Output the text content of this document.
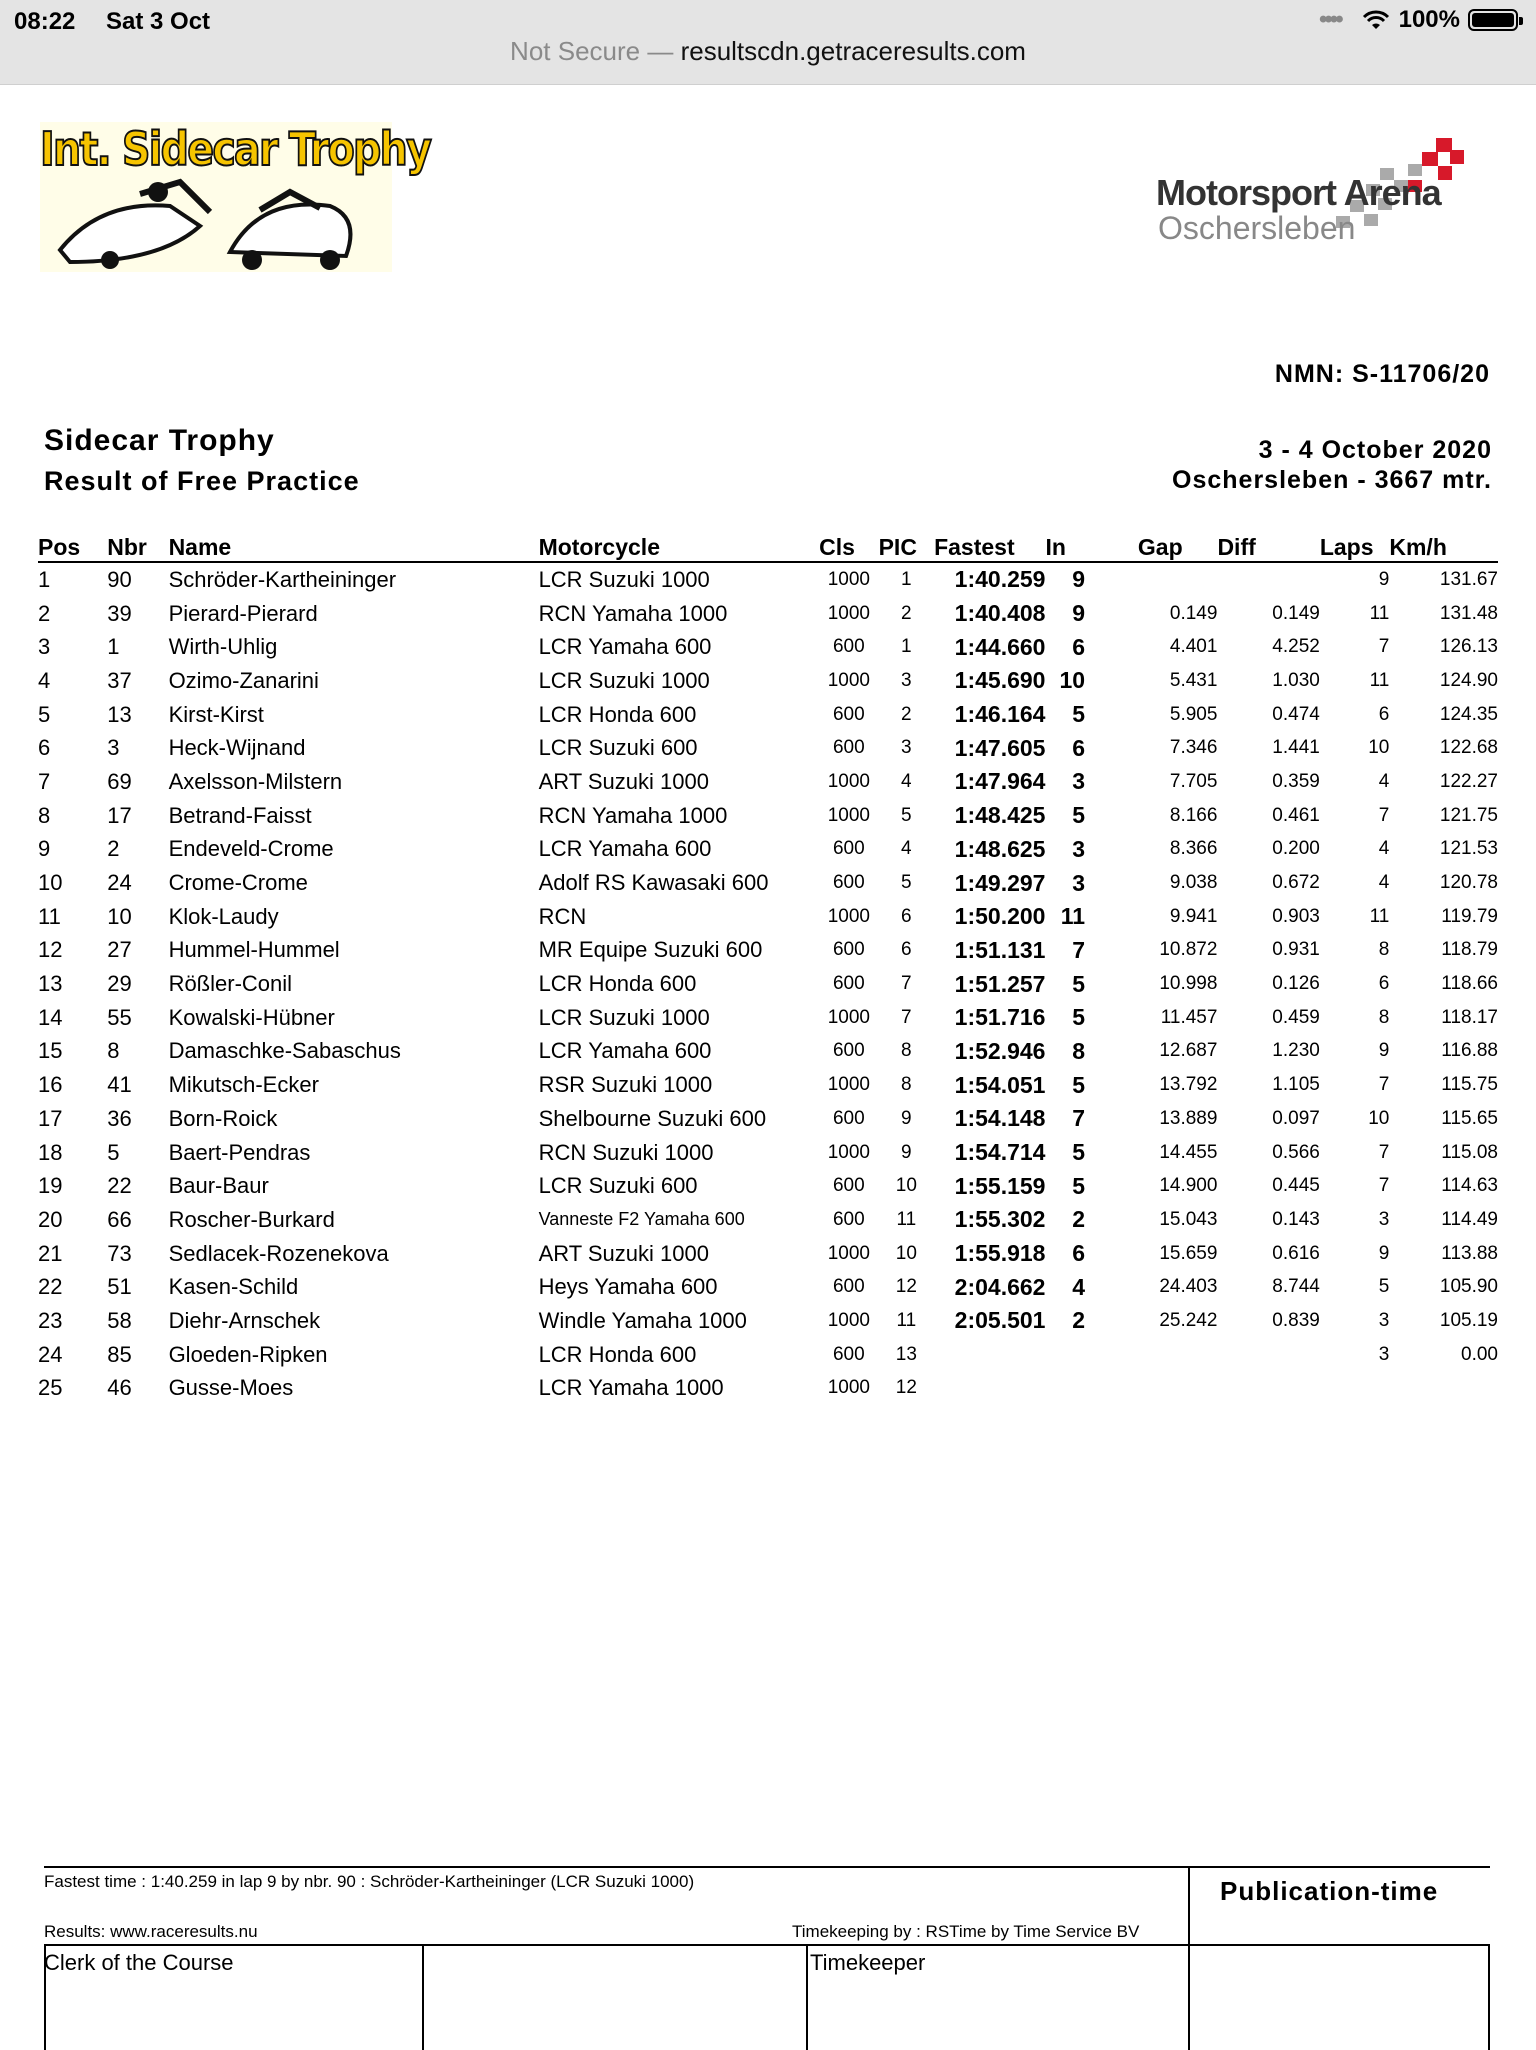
08:22 Sat 3 Oct	•••• 100%
Not Secure — resultscdn.getraceresults.com
Int. Sidecar Trophy
Motorsport Arena
Oschersleben
NMN: S-11706/20
Sidecar Trophy
Result of Free Practice
3 - 4 October 2020
Oschersleben - 3667 mtr.
Pos	Nbr	Name	Motorcycle	Cls	PIC	Fastest	In	Gap	Diff	Laps	Km/h
1	90	Schröder-Kartheininger	LCR Suzuki 1000	1000	1	1:40.259	9			9	131.67
2	39	Pierard-Pierard	RCN Yamaha 1000	1000	2	1:40.408	9	0.149	0.149	11	131.48
3	1	Wirth-Uhlig	LCR Yamaha 600	600	1	1:44.660	6	4.401	4.252	7	126.13
4	37	Ozimo-Zanarini	LCR Suzuki 1000	1000	3	1:45.690	10	5.431	1.030	11	124.90
5	13	Kirst-Kirst	LCR Honda 600	600	2	1:46.164	5	5.905	0.474	6	124.35
6	3	Heck-Wijnand	LCR Suzuki 600	600	3	1:47.605	6	7.346	1.441	10	122.68
7	69	Axelsson-Milstern	ART Suzuki 1000	1000	4	1:47.964	3	7.705	0.359	4	122.27
8	17	Betrand-Faisst	RCN Yamaha 1000	1000	5	1:48.425	5	8.166	0.461	7	121.75
9	2	Endeveld-Crome	LCR Yamaha 600	600	4	1:48.625	3	8.366	0.200	4	121.53
10	24	Crome-Crome	Adolf RS Kawasaki 600	600	5	1:49.297	3	9.038	0.672	4	120.78
11	10	Klok-Laudy	RCN	1000	6	1:50.200	11	9.941	0.903	11	119.79
12	27	Hummel-Hummel	MR Equipe Suzuki 600	600	6	1:51.131	7	10.872	0.931	8	118.79
13	29	Rößler-Conil	LCR Honda 600	600	7	1:51.257	5	10.998	0.126	6	118.66
14	55	Kowalski-Hübner	LCR Suzuki 1000	1000	7	1:51.716	5	11.457	0.459	8	118.17
15	8	Damaschke-Sabaschus	LCR Yamaha 600	600	8	1:52.946	8	12.687	1.230	9	116.88
16	41	Mikutsch-Ecker	RSR Suzuki 1000	1000	8	1:54.051	5	13.792	1.105	7	115.75
17	36	Born-Roick	Shelbourne Suzuki 600	600	9	1:54.148	7	13.889	0.097	10	115.65
18	5	Baert-Pendras	RCN Suzuki 1000	1000	9	1:54.714	5	14.455	0.566	7	115.08
19	22	Baur-Baur	LCR Suzuki 600	600	10	1:55.159	5	14.900	0.445	7	114.63
20	66	Roscher-Burkard	Vanneste F2 Yamaha 600	600	11	1:55.302	2	15.043	0.143	3	114.49
21	73	Sedlacek-Rozenekova	ART Suzuki 1000	1000	10	1:55.918	6	15.659	0.616	9	113.88
22	51	Kasen-Schild	Heys Yamaha 600	600	12	2:04.662	4	24.403	8.744	5	105.90
23	58	Diehr-Arnschek	Windle Yamaha 1000	1000	11	2:05.501	2	25.242	0.839	3	105.19
24	85	Gloeden-Ripken	LCR Honda 600	600	13					3	0.00
25	46	Gusse-Moes	LCR Yamaha 1000	1000	12						
Fastest time : 1:40.259 in lap 9 by nbr. 90 : Schröder-Kartheininger (LCR Suzuki 1000)	Publication-time
Results: www.raceresults.nu	Timekeeping by : RSTime by Time Service BV
Clerk of the Course	Timekeeper
